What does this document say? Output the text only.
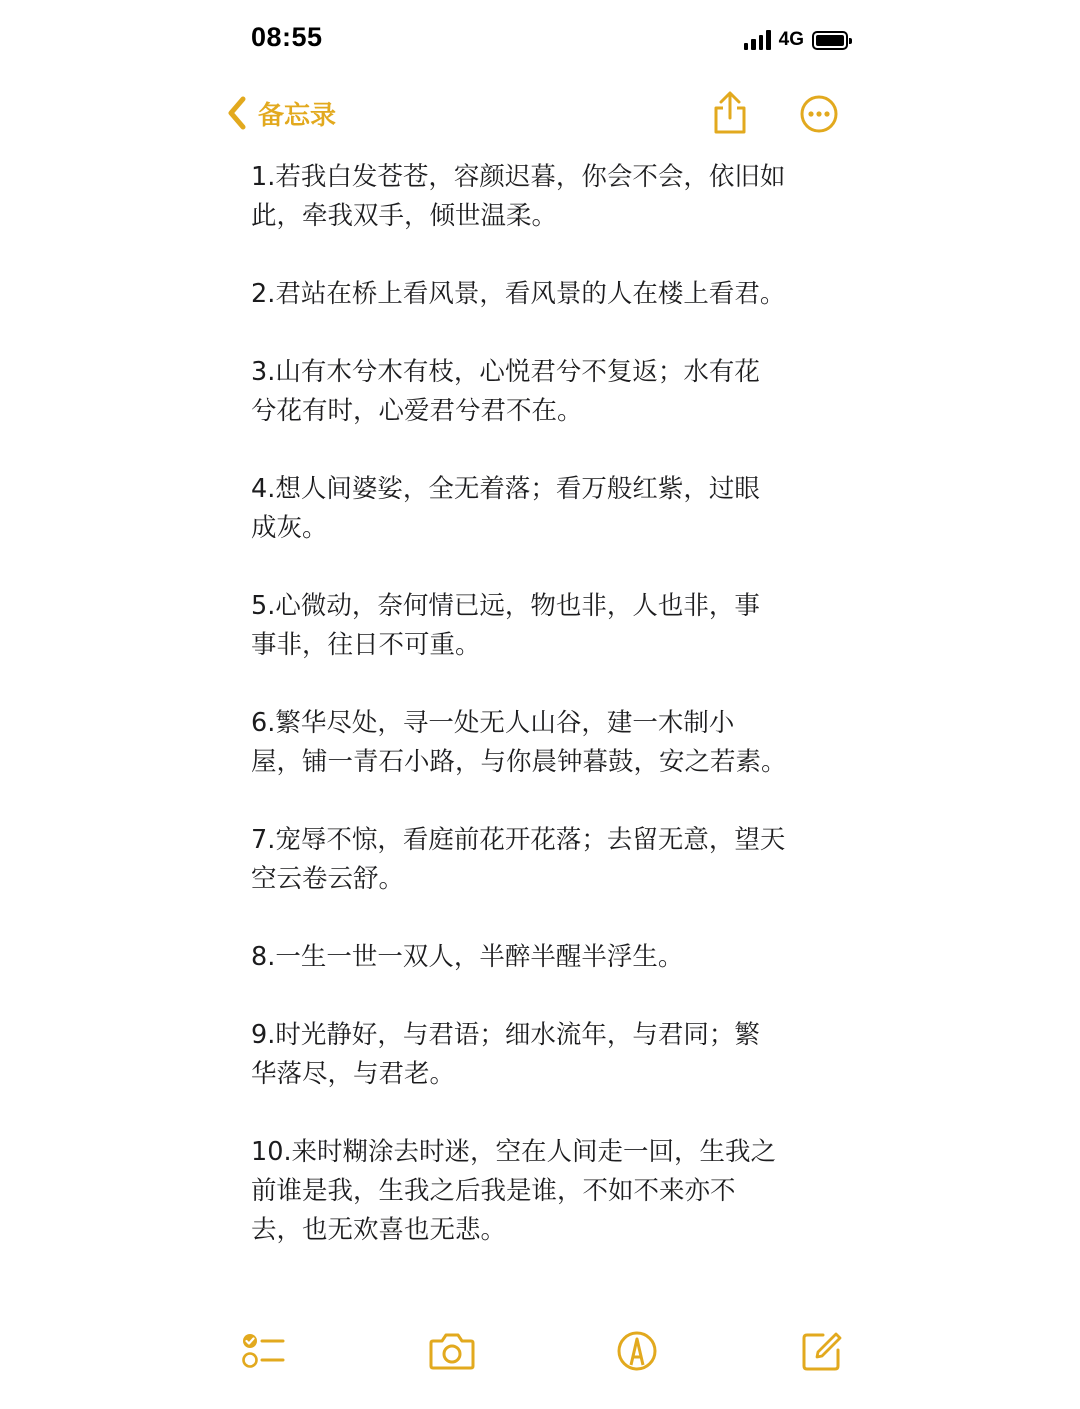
08:55	4G
备忘录

1.若我白发苍苍，容颜迟暮，你会不会，依旧如
此，牵我双手，倾世温柔。

2.君站在桥上看风景，看风景的人在楼上看君。

3.山有木兮木有枝，心悦君兮不复返；水有花
兮花有时，心爱君兮君不在。

4.想人间婆娑，全无着落；看万般红紫，过眼
成灰。

5.心微动，奈何情已远，物也非，人也非，事
事非，往日不可重。

6.繁华尽处，寻一处无人山谷，建一木制小
屋，铺一青石小路，与你晨钟暮鼓，安之若素。

7.宠辱不惊，看庭前花开花落；去留无意，望天
空云卷云舒。

8.一生一世一双人，半醉半醒半浮生。

9.时光静好，与君语；细水流年，与君同；繁
华落尽，与君老。

10.来时糊涂去时迷，空在人间走一回，生我之
前谁是我，生我之后我是谁，不如不来亦不
去，也无欢喜也无悲。
